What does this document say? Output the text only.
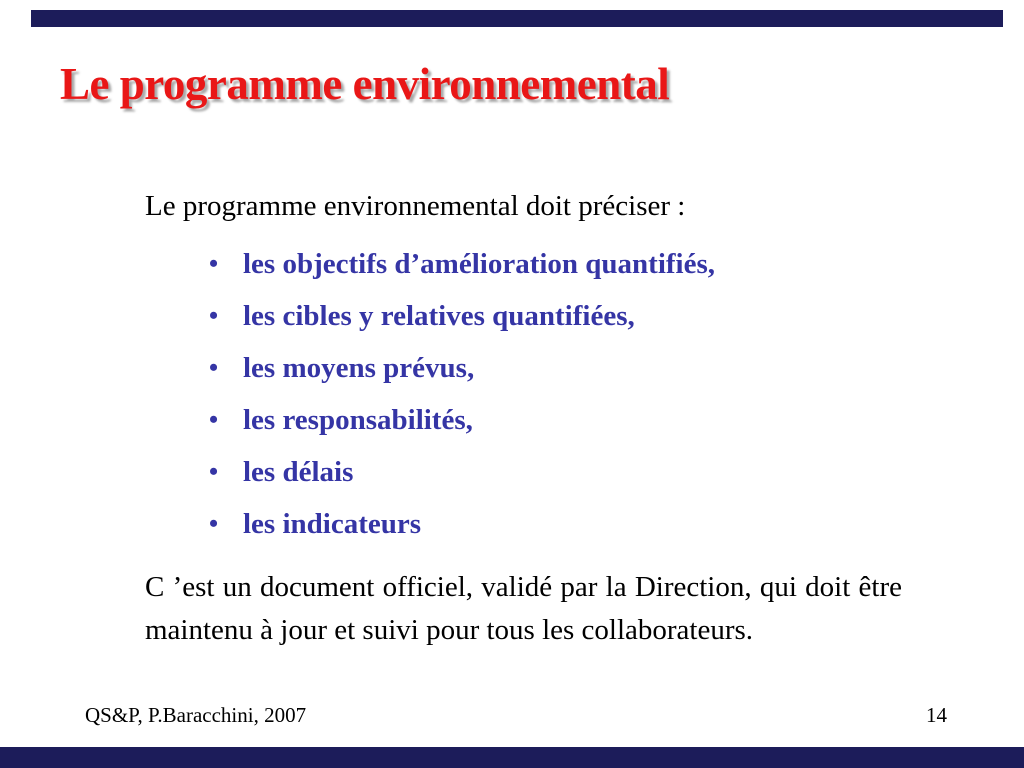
Le programme environnemental

Le programme environnemental doit préciser :

• les objectifs d’amélioration quantifiés,
• les cibles y relatives quantifiées,
• les moyens prévus,
• les responsabilités,
• les délais
• les indicateurs

C ’est un document officiel, validé par la Direction, qui doit être maintenu à jour et suivi pour tous les collaborateurs.

QS&P, P.Baracchini, 2007	14
